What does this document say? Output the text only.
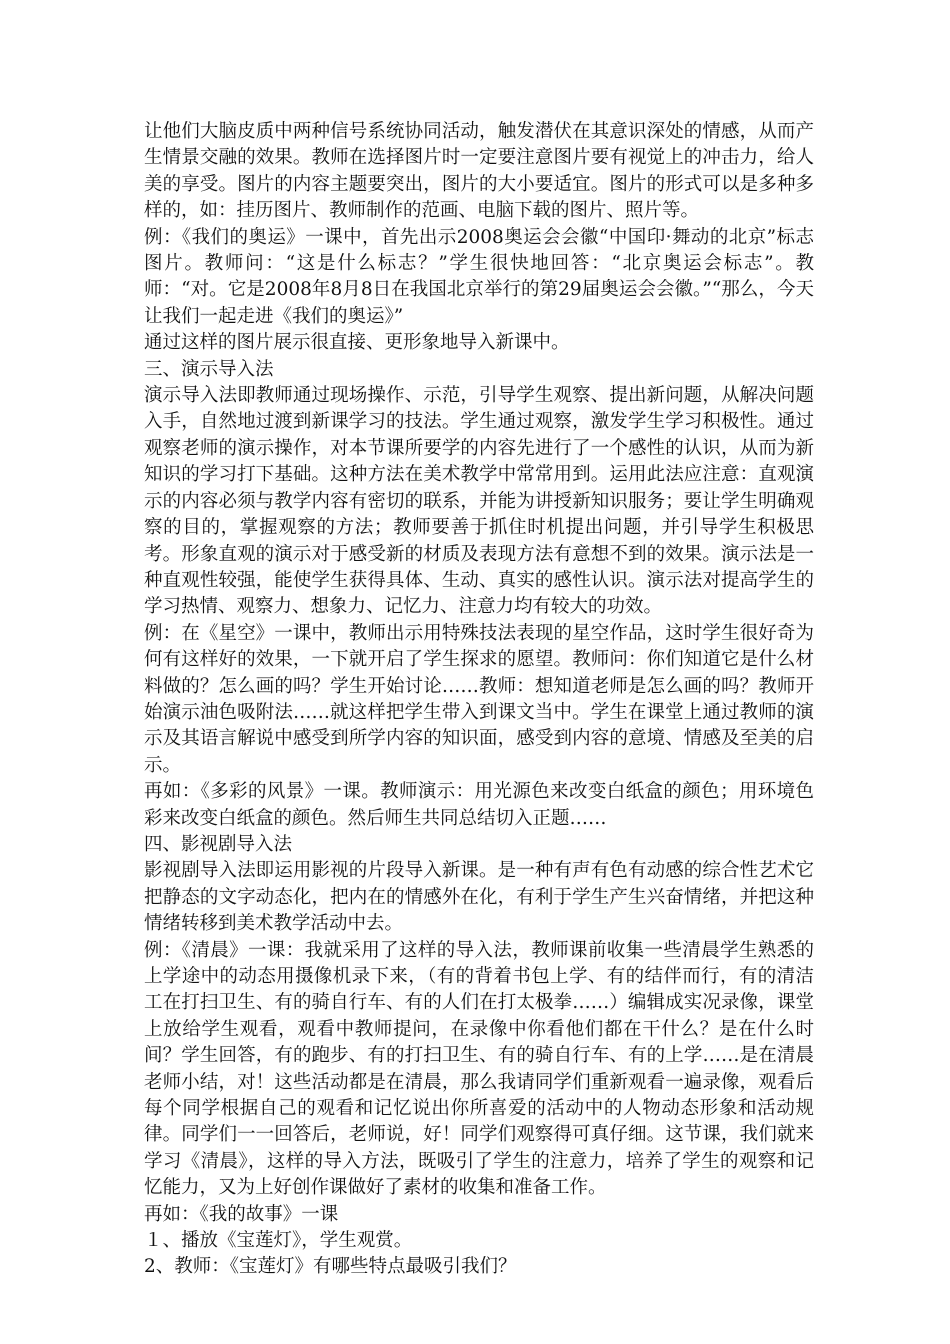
让他们大脑皮质中两种信号系统协同活动，触发潜伏在其意识深处的情感，从而产生情景交融的效果。教师在选择图片时一定要注意图片要有视觉上的冲击力，给人美的享受。图片的内容主题要突出，图片的大小要适宜。图片的形式可以是多种多样的，如：挂历图片、教师制作的范画、电脑下载的图片、照片等。

例：《我们的奥运》一课中，首先出示2008奥运会会徽“中国印·舞动的北京”标志图片。教师问：“这是什么标志？”学生很快地回答：“北京奥运会标志”。教师：“对。它是2008年8月8日在我国北京举行的第29届奥运会会徽。”“那么，今天让我们一起走进《我们的奥运》”

通过这样的图片展示很直接、更形象地导入新课中。

三、演示导入法

演示导入法即教师通过现场操作、示范，引导学生观察、提出新问题，从解决问题入手，自然地过渡到新课学习的技法。学生通过观察，激发学生学习积极性。通过观察老师的演示操作，对本节课所要学的内容先进行了一个感性的认识，从而为新知识的学习打下基础。这种方法在美术教学中常常用到。运用此法应注意：直观演示的内容必须与教学内容有密切的联系，并能为讲授新知识服务；要让学生明确观察的目的，掌握观察的方法；教师要善于抓住时机提出问题，并引导学生积极思考。形象直观的演示对于感受新的材质及表现方法有意想不到的效果。演示法是一种直观性较强，能使学生获得具体、生动、真实的感性认识。演示法对提高学生的学习热情、观察力、想象力、记忆力、注意力均有较大的功效。

例：在《星空》一课中，教师出示用特殊技法表现的星空作品，这时学生很好奇为何有这样好的效果，一下就开启了学生探求的愿望。教师问：你们知道它是什么材料做的？怎么画的吗？学生开始讨论……教师：想知道老师是怎么画的吗？教师开始演示油色吸附法……就这样把学生带入到课文当中。学生在课堂上通过教师的演示及其语言解说中感受到所学内容的知识面，感受到内容的意境、情感及至美的启示。

再如：《多彩的风景》一课。教师演示：用光源色来改变白纸盒的颜色；用环境色彩来改变白纸盒的颜色。然后师生共同总结切入正题……

四、影视剧导入法

影视剧导入法即运用影视的片段导入新课。是一种有声有色有动感的综合性艺术它把静态的文字动态化，把内在的情感外在化，有利于学生产生兴奋情绪，并把这种情绪转移到美术教学活动中去。

例：《清晨》一课：我就采用了这样的导入法，教师课前收集一些清晨学生熟悉的上学途中的动态用摄像机录下来，（有的背着书包上学、有的结伴而行，有的清洁工在打扫卫生、有的骑自行车、有的人们在打太极拳……）编辑成实况录像，课堂上放给学生观看，观看中教师提问，在录像中你看他们都在干什么？是在什么时间？学生回答，有的跑步、有的打扫卫生、有的骑自行车、有的上学……是在清晨老师小结，对！这些活动都是在清晨，那么我请同学们重新观看一遍录像，观看后每个同学根据自己的观看和记忆说出你所喜爱的活动中的人物动态形象和活动规律。同学们一一回答后，老师说，好！同学们观察得可真仔细。这节课，我们就来学习《清晨》，这样的导入方法，既吸引了学生的注意力，培养了学生的观察和记忆能力，又为上好创作课做好了素材的收集和准备工作。

再如：《我的故事》一课

１、播放《宝莲灯》，学生观赏。

2、教师：《宝莲灯》有哪些特点最吸引我们？
